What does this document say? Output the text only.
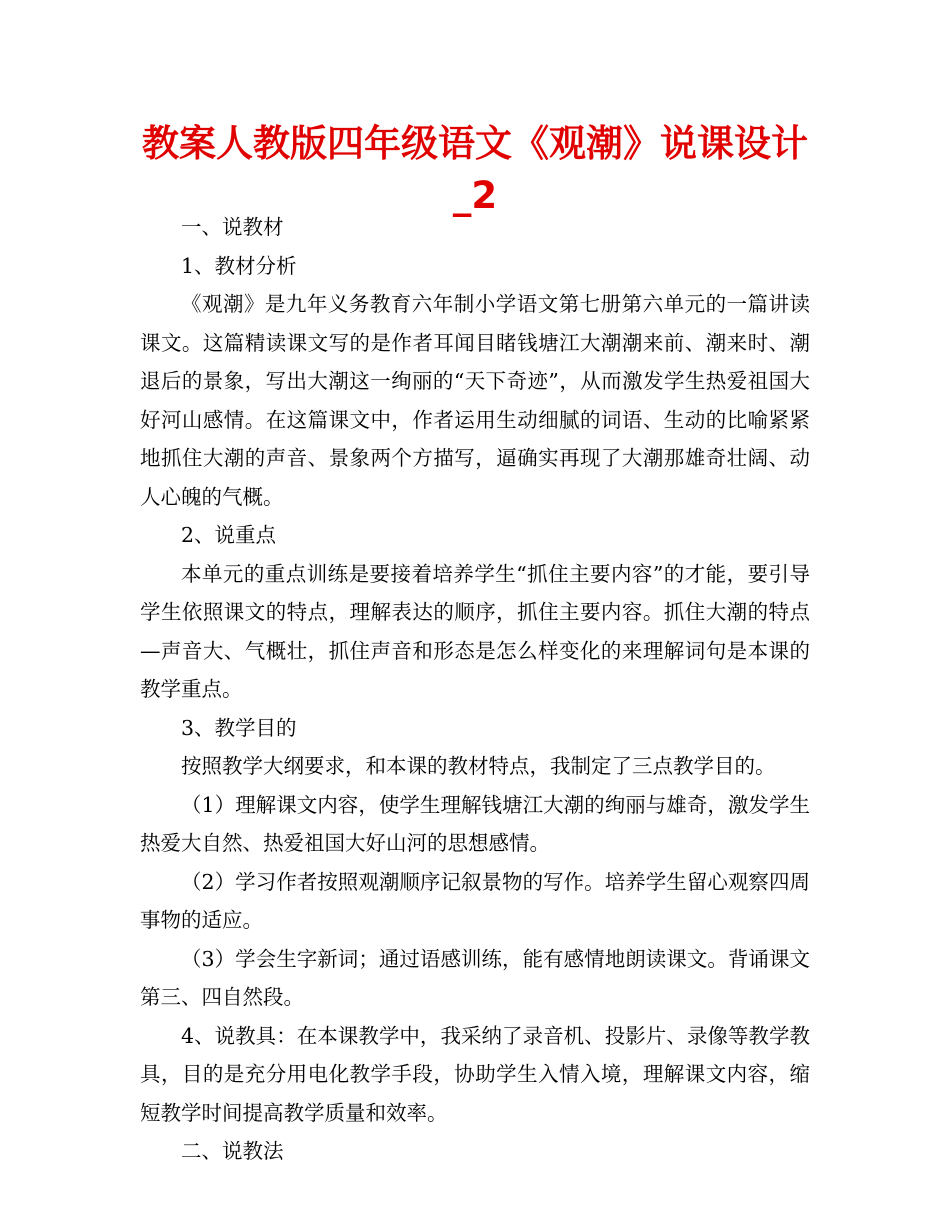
教案人教版四年级语文《观潮》说课设计_2

一、说教材

1、教材分析

《观潮》是九年义务教育六年制小学语文第七册第六单元的一篇讲读课文。这篇精读课文写的是作者耳闻目睹钱塘江大潮潮来前、潮来时、潮退后的景象，写出大潮这一绚丽的“天下奇迹”，从而激发学生热爱祖国大好河山感情。在这篇课文中，作者运用生动细腻的词语、生动的比喻紧紧地抓住大潮的声音、景象两个方描写，逼确实再现了大潮那雄奇壮阔、动人心魄的气概。

2、说重点

本单元的重点训练是要接着培养学生“抓住主要内容”的才能，要引导学生依照课文的特点，理解表达的顺序，抓住主要内容。抓住大潮的特点—声音大、气概壮，抓住声音和形态是怎么样变化的来理解词句是本课的教学重点。

3、教学目的

按照教学大纲要求，和本课的教材特点，我制定了三点教学目的。

（1）理解课文内容，使学生理解钱塘江大潮的绚丽与雄奇，激发学生热爱大自然、热爱祖国大好山河的思想感情。

（2）学习作者按照观潮顺序记叙景物的写作。培养学生留心观察四周事物的适应。

（3）学会生字新词；通过语感训练，能有感情地朗读课文。背诵课文第三、四自然段。

4、说教具：在本课教学中，我采纳了录音机、投影片、录像等教学教具，目的是充分用电化教学手段，协助学生入情入境，理解课文内容，缩短教学时间提高教学质量和效率。

二、说教法
